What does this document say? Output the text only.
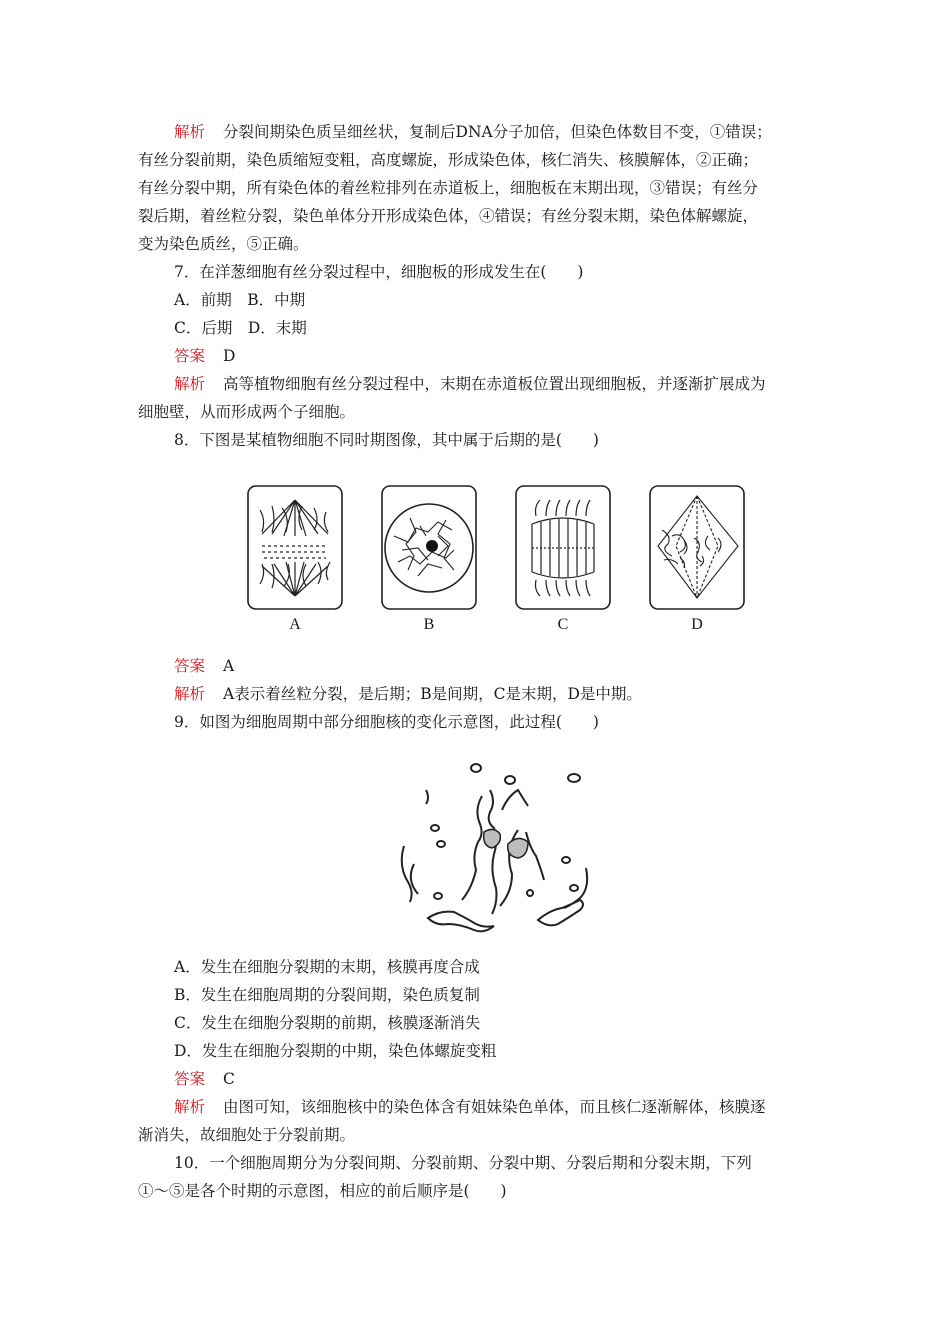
解析 分裂间期染色质呈细丝状，复制后DNA分子加倍，但染色体数目不变，①错误；

有丝分裂前期，染色质缩短变粗，高度螺旋，形成染色体，核仁消失、核膜解体，②正确；

有丝分裂中期，所有染色体的着丝粒排列在赤道板上，细胞板在末期出现，③错误；有丝分

裂后期，着丝粒分裂，染色单体分开形成染色体，④错误；有丝分裂末期，染色体解螺旋，

变为染色质丝，⑤正确。

7．在洋葱细胞有丝分裂过程中，细胞板的形成发生在(　　)

A．前期　B．中期

C．后期　D．末期

答案 D

解析 高等植物细胞有丝分裂过程中，末期在赤道板位置出现细胞板，并逐渐扩展成为

细胞壁，从而形成两个子细胞。

8．下图是某植物细胞不同时期图像，其中属于后期的是(　　)

A	B	C	D

答案 A

解析 A表示着丝粒分裂，是后期；B是间期，C是末期，D是中期。

9．如图为细胞周期中部分细胞核的变化示意图，此过程(　　)

A．发生在细胞分裂期的末期，核膜再度合成

B．发生在细胞周期的分裂间期，染色质复制

C．发生在细胞分裂期的前期，核膜逐渐消失

D．发生在细胞分裂期的中期，染色体螺旋变粗

答案 C

解析 由图可知，该细胞核中的染色体含有姐妹染色单体，而且核仁逐渐解体，核膜逐

渐消失，故细胞处于分裂前期。

10．一个细胞周期分为分裂间期、分裂前期、分裂中期、分裂后期和分裂末期，下列

①～⑤是各个时期的示意图，相应的前后顺序是(　　)
